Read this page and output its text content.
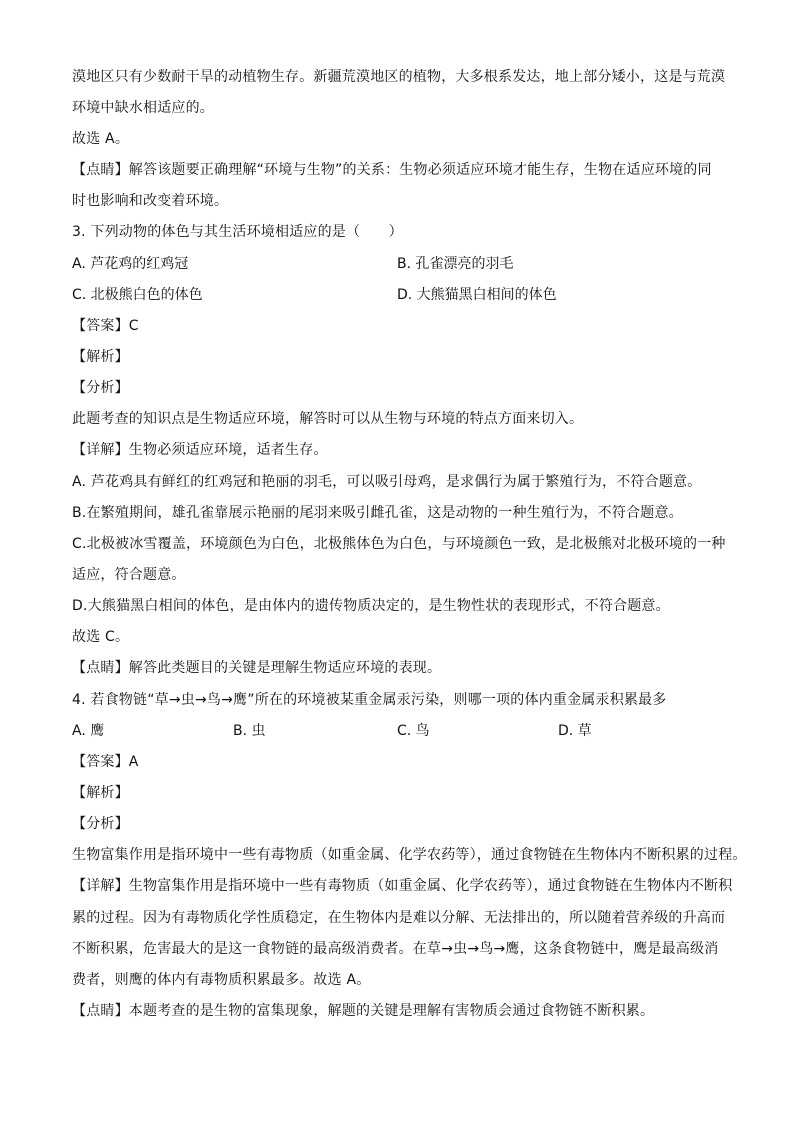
漠地区只有少数耐干旱的动植物生存。新疆荒漠地区的植物，大多根系发达，地上部分矮小，这是与荒漠
环境中缺水相适应的。
故选 A。
【点睛】解答该题要正确理解“环境与生物”的关系：生物必须适应环境才能生存，生物在适应环境的同
时也影响和改变着环境。
3. 下列动物的体色与其生活环境相适应的是（　　）
A. 芦花鸡的红鸡冠	B. 孔雀漂亮的羽毛
C. 北极熊白色的体色	D. 大熊猫黑白相间的体色
【答案】C
【解析】
【分析】
此题考查的知识点是生物适应环境，解答时可以从生物与环境的特点方面来切入。
【详解】生物必须适应环境，适者生存。
A. 芦花鸡具有鲜红的红鸡冠和艳丽的羽毛，可以吸引母鸡，是求偶行为属于繁殖行为，不符合题意。
B.在繁殖期间，雄孔雀靠展示艳丽的尾羽来吸引雌孔雀，这是动物的一种生殖行为，不符合题意。
C.北极被冰雪覆盖，环境颜色为白色，北极熊体色为白色，与环境颜色一致，是北极熊对北极环境的一种
适应，符合题意。
D.大熊猫黑白相间的体色，是由体内的遗传物质决定的，是生物性状的表现形式，不符合题意。
故选 C。
【点睛】解答此类题目的关键是理解生物适应环境的表现。
4. 若食物链“草→虫→鸟→鹰”所在的环境被某重金属汞污染，则哪一项的体内重金属汞积累最多
A. 鹰	B. 虫	C. 鸟	D. 草
【答案】A
【解析】
【分析】
生物富集作用是指环境中一些有毒物质（如重金属、化学农药等），通过食物链在生物体内不断积累的过程。
【详解】生物富集作用是指环境中一些有毒物质（如重金属、化学农药等），通过食物链在生物体内不断积
累的过程。因为有毒物质化学性质稳定，在生物体内是难以分解、无法排出的，所以随着营养级的升高而
不断积累，危害最大的是这一食物链的最高级消费者。在草→虫→鸟→鹰，这条食物链中，鹰是最高级消
费者，则鹰的体内有毒物质积累最多。故选 A。
【点睛】本题考查的是生物的富集现象，解题的关键是理解有害物质会通过食物链不断积累。
